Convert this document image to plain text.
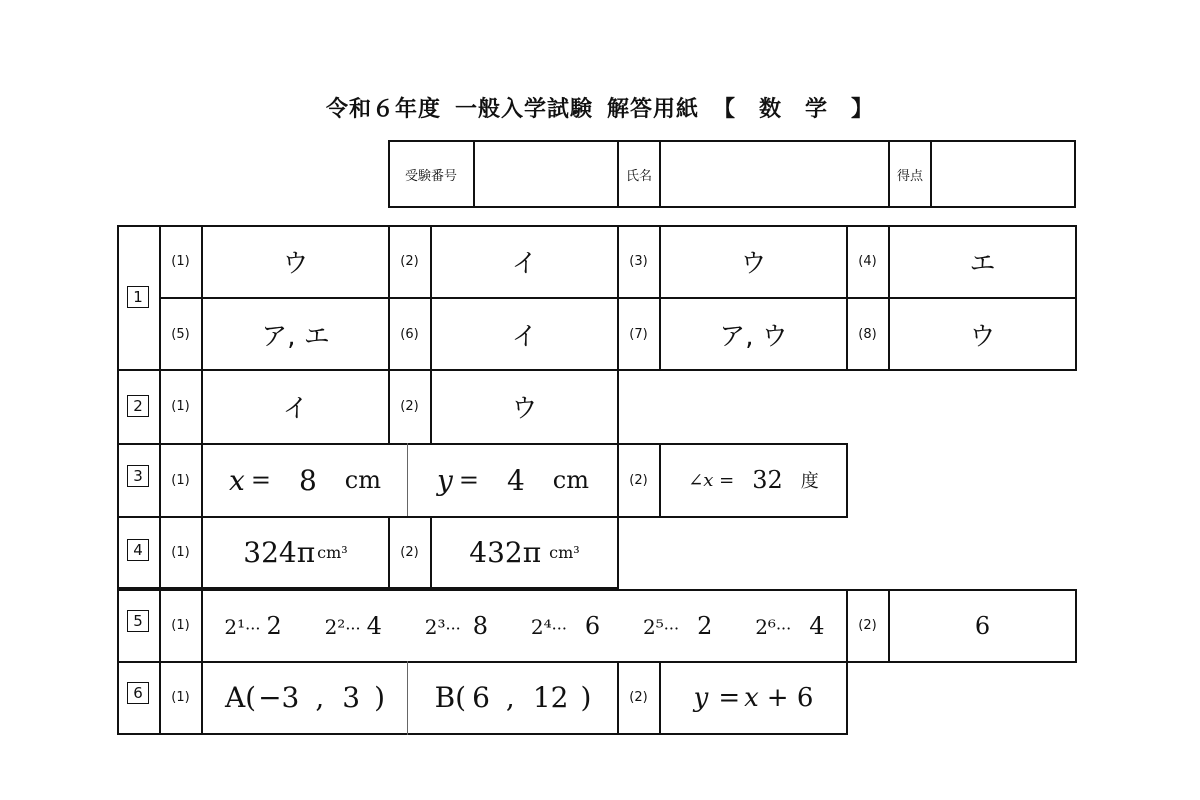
令和６年度 一般入学試験 解答用紙 【　数　学　】
受験番号	氏名	得点
1
( 1 )	ウ	( 2 )	イ	( 3 )	ウ	( 4 )	エ
( 5 )	ア, エ	( 6 )	イ	( 7 )	ア, ウ	( 8 )	ウ
2	( 1 )	イ	( 2 )	ウ
3	( 1 )	x = 8 cm y = 4 cm	( 2 )	∠x = 32 度
4	( 1 )	324π cm³	( 2 )	432π cm³
5	( 1 )	2¹··· 2 2²··· 4 2³··· 8 2⁴··· 6 2⁵··· 2 2⁶··· 4	( 2 )	6
6	( 1 )	A( −3 , 3 ) B( 6 , 12 )	( 2 )	y = x + 6
